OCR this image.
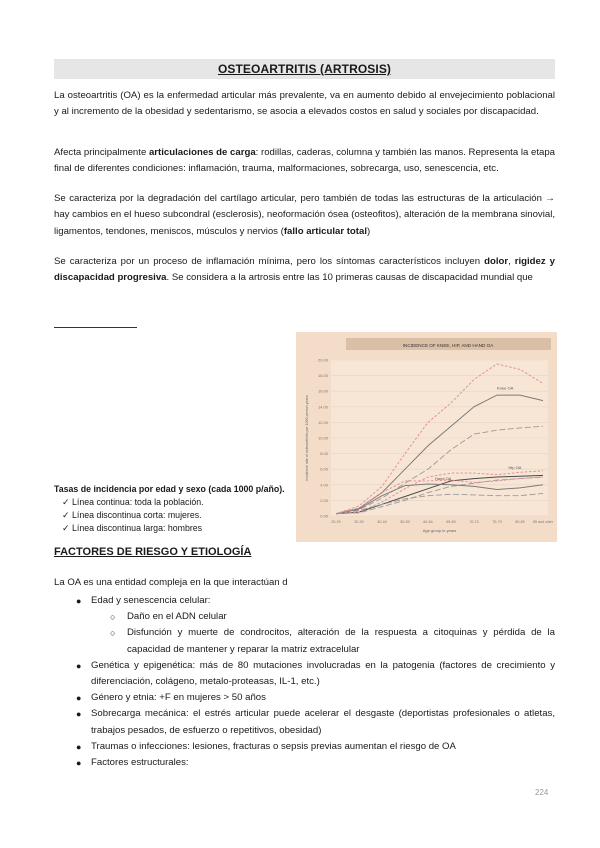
OSTEOARTRITIS (ARTROSIS)

La osteoartritis (OA) es la enfermedad articular más prevalente, va en aumento debido al envejecimiento poblacional y al incremento de la obesidad y sedentarismo, se asocia a elevados costos en salud y sociales por discapacidad.

Afecta principalmente articulaciones de carga: rodillas, caderas, columna y también las manos. Representa la etapa final de diferentes condiciones: inflamación, trauma, malformaciones, sobrecarga, uso, senescencia, etc.

Se caracteriza por la degradación del cartílago articular, pero también de todas las estructuras de la articulación → hay cambios en el hueso subcondral (esclerosis), neoformación ósea (osteofitos), alteración de la membrana sinovial, ligamentos, tendones, meniscos, músculos y nervios (fallo articular total)

Se caracteriza por un proceso de inflamación mínima, pero los síntomas característicos incluyen dolor, rigidez y discapacidad progresiva. Se considera a la artrosis entre las 10 primeras causas de discapacidad mundial que

INCIDENCE OF KNEE, HIP, AND HAND OA
0.00
2.00
4.00
6.00
8.00
10.00
12.00
14.00
16.00
18.00
20.00
20-29	30-39	40-49	50-59	60-64	65-69	70-74	75-79	80-89 85 and older
Age group in years
Incidence rate of osteoarthritis per 1000 person-years
Knee OA
Hip OA
Hand OA
Tasas de incidencia por edad y sexo (cada 1000 p/año).
✓ Línea continua: toda la población.
✓ Línea discontinua corta: mujeres.
✓ Línea discontinua larga: hombres
FACTORES DE RIESGO Y ETIOLOGÍA
La OA es una entidad compleja en la que interactúan d
● Edad y senescencia celular:
○ Daño en el ADN celular
○ Disfunción y muerte de condrocitos, alteración de la respuesta a citoquinas y pérdida de la capacidad de mantener y reparar la matriz extracelular
● Genética y epigenética: más de 80 mutaciones involucradas en la patogenia (factores de crecimiento y diferenciación, colágeno, metalo-proteasas, IL-1, etc.)
● Género y etnia: +F en mujeres > 50 años
● Sobrecarga mecánica: el estrés articular puede acelerar el desgaste (deportistas profesionales o atletas, trabajos pesados, de esfuerzo o repetitivos, obesidad)
● Traumas o infecciones: lesiones, fracturas o sepsis previas aumentan el riesgo de OA
● Factores estructurales:
224
